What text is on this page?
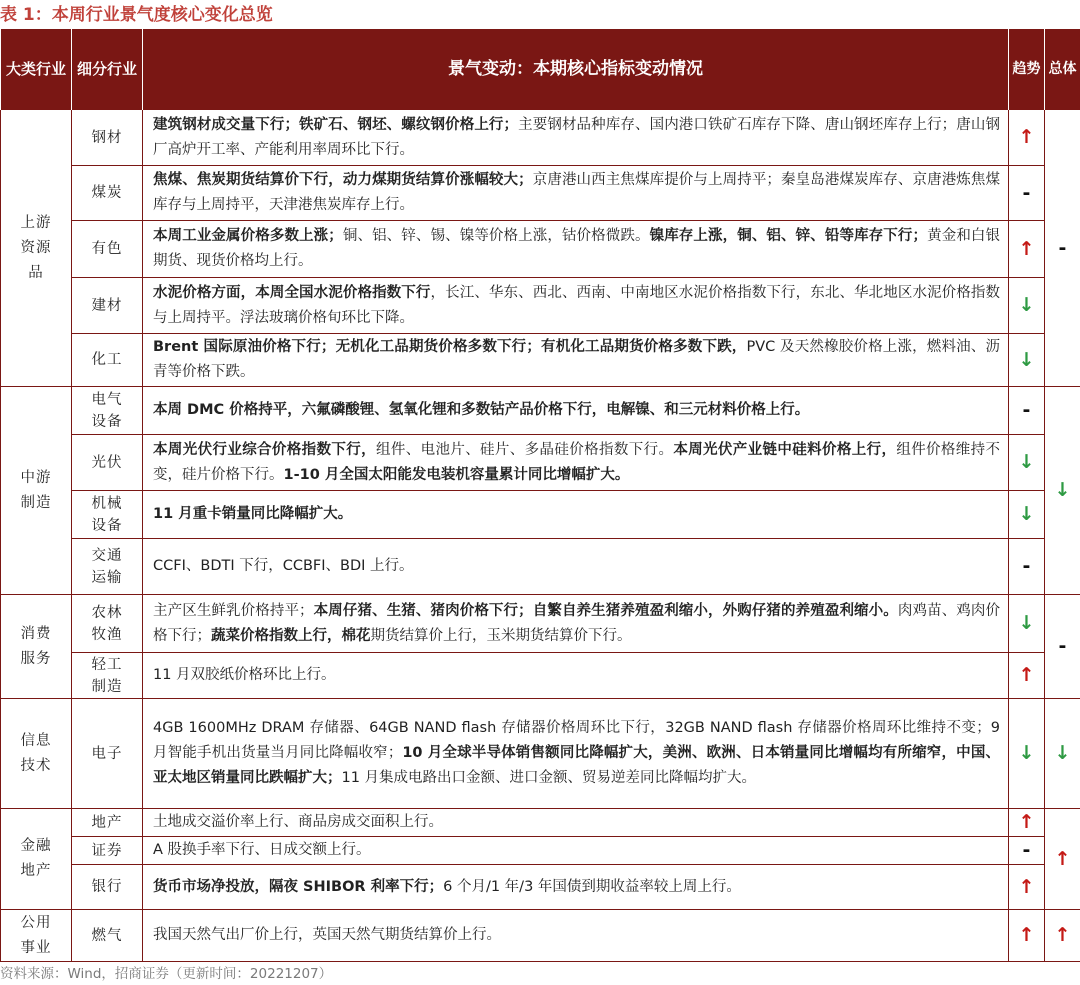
表 1：本周行业景气度核心变化总览
大类行业	细分行业	景气变动：本期核心指标变动情况	趋势	总体

上游资源品	钢材	建筑钢材成交量下行；铁矿石、钢坯、螺纹钢价格上行；主要钢材品种库存、国内港口铁矿石库存下降、唐山钢坯库存上行；唐山钢厂高炉开工率、产能利用率周环比下行。	↑	-

	煤炭	焦煤、焦炭期货结算价下行，动力煤期货结算价涨幅较大；京唐港山西主焦煤库提价与上周持平；秦皇岛港煤炭库存、京唐港炼焦煤库存与上周持平，天津港焦炭库存上行。	-	

	有色	本周工业金属价格多数上涨；铜、铝、锌、锡、镍等价格上涨，钴价格微跌。镍库存上涨，铜、铝、锌、铅等库存下行；黄金和白银期货、现货价格均上行。	↑	

	建材	水泥价格方面，本周全国水泥价格指数下行，长江、华东、西北、西南、中南地区水泥价格指数下行，东北、华北地区水泥价格指数与上周持平。浮法玻璃价格旬环比下降。	↓	

	化工	Brent 国际原油价格下行；无机化工品期货价格多数下行；有机化工品期货价格多数下跌，PVC 及天然橡胶价格上涨，燃料油、沥青等价格下跌。	↓	

中游制造	电气设备	本周 DMC 价格持平，六氟磷酸锂、氢氧化锂和多数钴产品价格下行，电解镍、和三元材料价格上行。	-	↓

	光伏	本周光伏行业综合价格指数下行，组件、电池片、硅片、多晶硅价格指数下行。本周光伏产业链中硅料价格上行，组件价格维持不变，硅片价格下行。1-10 月全国太阳能发电装机容量累计同比增幅扩大。	↓	

	机械设备	11 月重卡销量同比降幅扩大。	↓	

	交通运输	CCFI、BDTI 下行，CCBFI、BDI 上行。	-	

消费服务	农林牧渔	主产区生鲜乳价格持平；本周仔猪、生猪、猪肉价格下行；自繁自养生猪养殖盈利缩小，外购仔猪的养殖盈利缩小。肉鸡苗、鸡肉价格下行；蔬菜价格指数上行，棉花期货结算价上行，玉米期货结算价下行。	↓	-

	轻工制造	11 月双胶纸价格环比上行。	↑	

信息技术	电子	4GB 1600MHz DRAM 存储器、64GB NAND flash 存储器价格周环比下行，32GB NAND flash 存储器价格周环比维持不变；9 月智能手机出货量当月同比降幅收窄；10 月全球半导体销售额同比降幅扩大，美洲、欧洲、日本销量同比增幅均有所缩窄，中国、亚太地区销量同比跌幅扩大；11 月集成电路出口金额、进口金额、贸易逆差同比降幅均扩大。	↓	↓

金融地产	地产	土地成交溢价率上行、商品房成交面积上行。	↑	↑

	证券	A 股换手率下行、日成交额上行。	-	

	银行	货币市场净投放，隔夜 SHIBOR 利率下行；6 个月/1 年/3 年国债到期收益率较上周上行。	↑	

公用事业	燃气	我国天然气出厂价上行，英国天然气期货结算价上行。	↑	↑
资料来源：Wind，招商证券（更新时间：20221207）
